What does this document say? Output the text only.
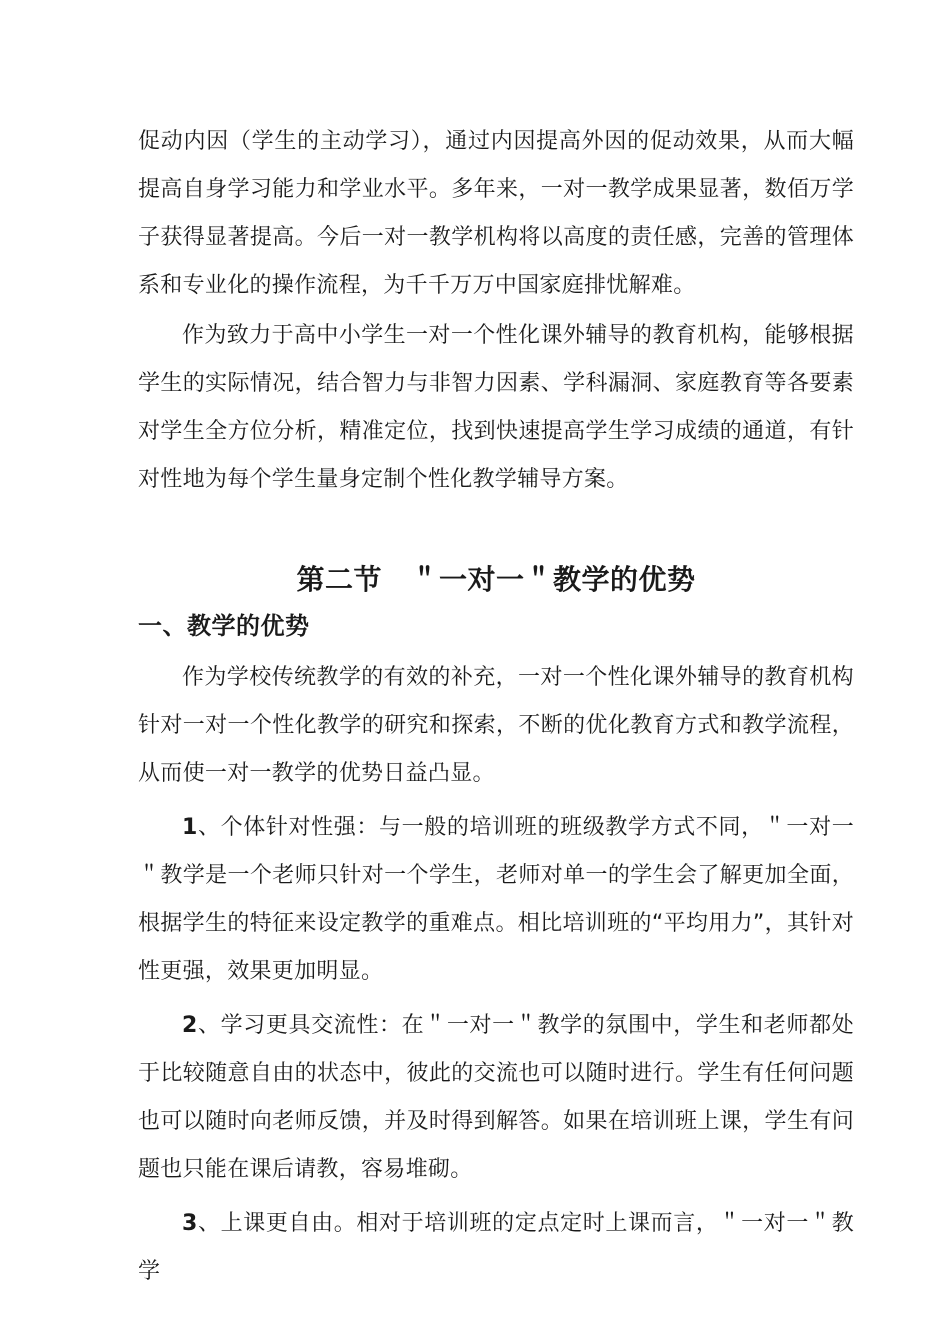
促动内因（学生的主动学习），通过内因提高外因的促动效果，从而大幅提高自身学习能力和学业水平。多年来，一对一教学成果显著，数佰万学子获得显著提高。今后一对一教学机构将以高度的责任感，完善的管理体系和专业化的操作流程，为千千万万中国家庭排忧解难。

作为致力于高中小学生一对一个性化课外辅导的教育机构，能够根据学生的实际情况，结合智力与非智力因素、学科漏洞、家庭教育等各要素对学生全方位分析，精准定位，找到快速提高学生学习成绩的通道，有针对性地为每个学生量身定制个性化教学辅导方案。

第二节　＂一对一＂教学的优势
一、教学的优势

作为学校传统教学的有效的补充，一对一个性化课外辅导的教育机构针对一对一个性化教学的研究和探索，不断的优化教育方式和教学流程，从而使一对一教学的优势日益凸显。

1、个体针对性强：与一般的培训班的班级教学方式不同，＂一对一＂教学是一个老师只针对一个学生，老师对单一的学生会了解更加全面，根据学生的特征来设定教学的重难点。相比培训班的“平均用力”，其针对性更强，效果更加明显。

2、学习更具交流性：在＂一对一＂教学的氛围中，学生和老师都处于比较随意自由的状态中，彼此的交流也可以随时进行。学生有任何问题也可以随时向老师反馈，并及时得到解答。如果在培训班上课，学生有问题也只能在课后请教，容易堆砌。

3、上课更自由。相对于培训班的定点定时上课而言，＂一对一＂教学
